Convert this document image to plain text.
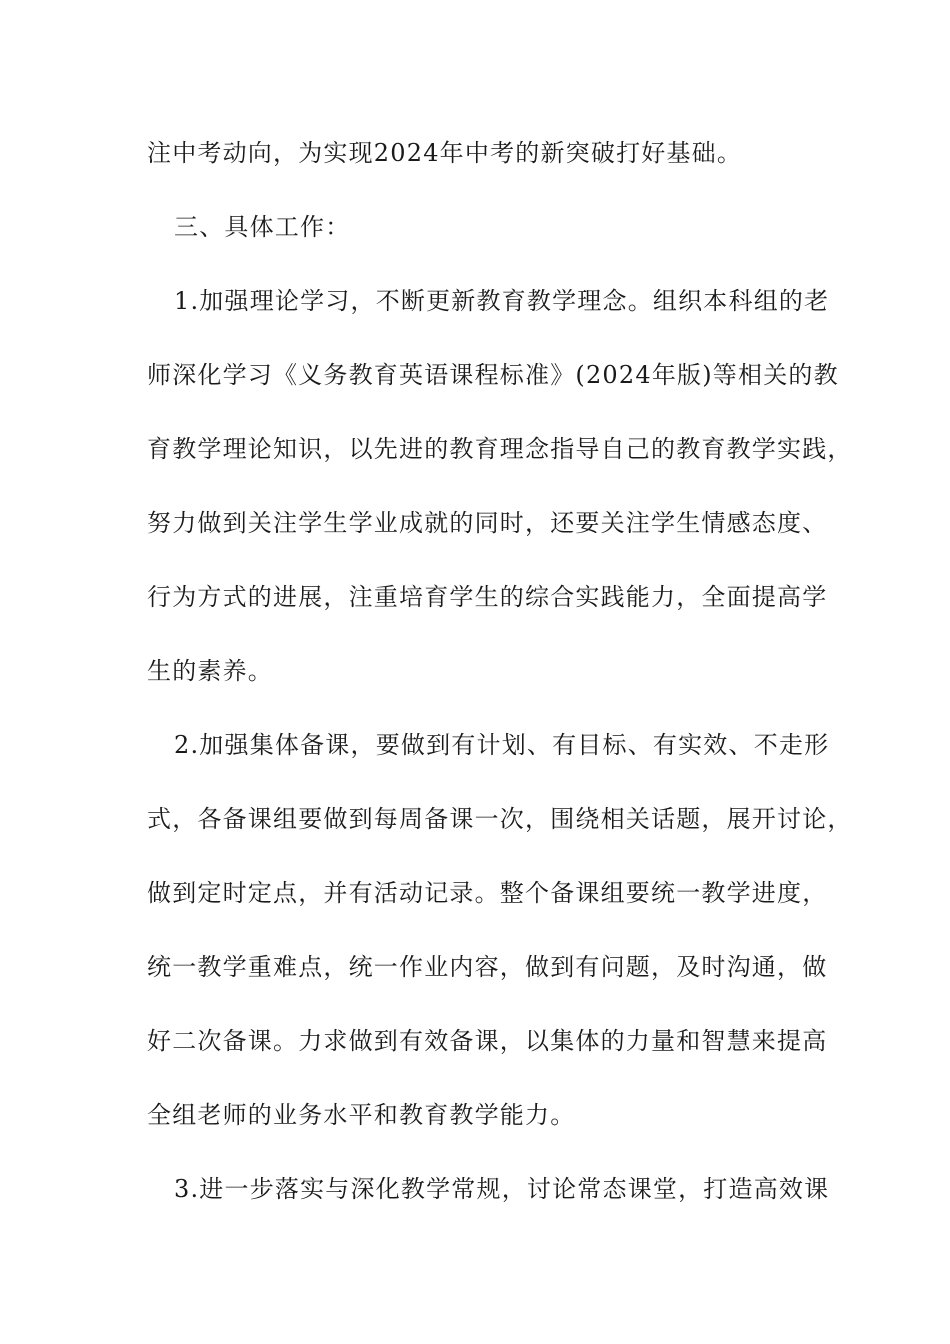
注中考动向，为实现2024年中考的新突破打好基础。
三、具体工作：
1.加强理论学习，不断更新教育教学理念。组织本科组的老
师深化学习《义务教育英语课程标准》(2024年版)等相关的教
育教学理论知识，以先进的教育理念指导自己的教育教学实践，
努力做到关注学生学业成就的同时，还要关注学生情感态度、
行为方式的进展，注重培育学生的综合实践能力，全面提高学
生的素养。
2.加强集体备课，要做到有计划、有目标、有实效、不走形
式，各备课组要做到每周备课一次，围绕相关话题，展开讨论，
做到定时定点，并有活动记录。整个备课组要统一教学进度，
统一教学重难点，统一作业内容，做到有问题，及时沟通，做
好二次备课。力求做到有效备课，以集体的力量和智慧来提高
全组老师的业务水平和教育教学能力。
3.进一步落实与深化教学常规，讨论常态课堂，打造高效课
